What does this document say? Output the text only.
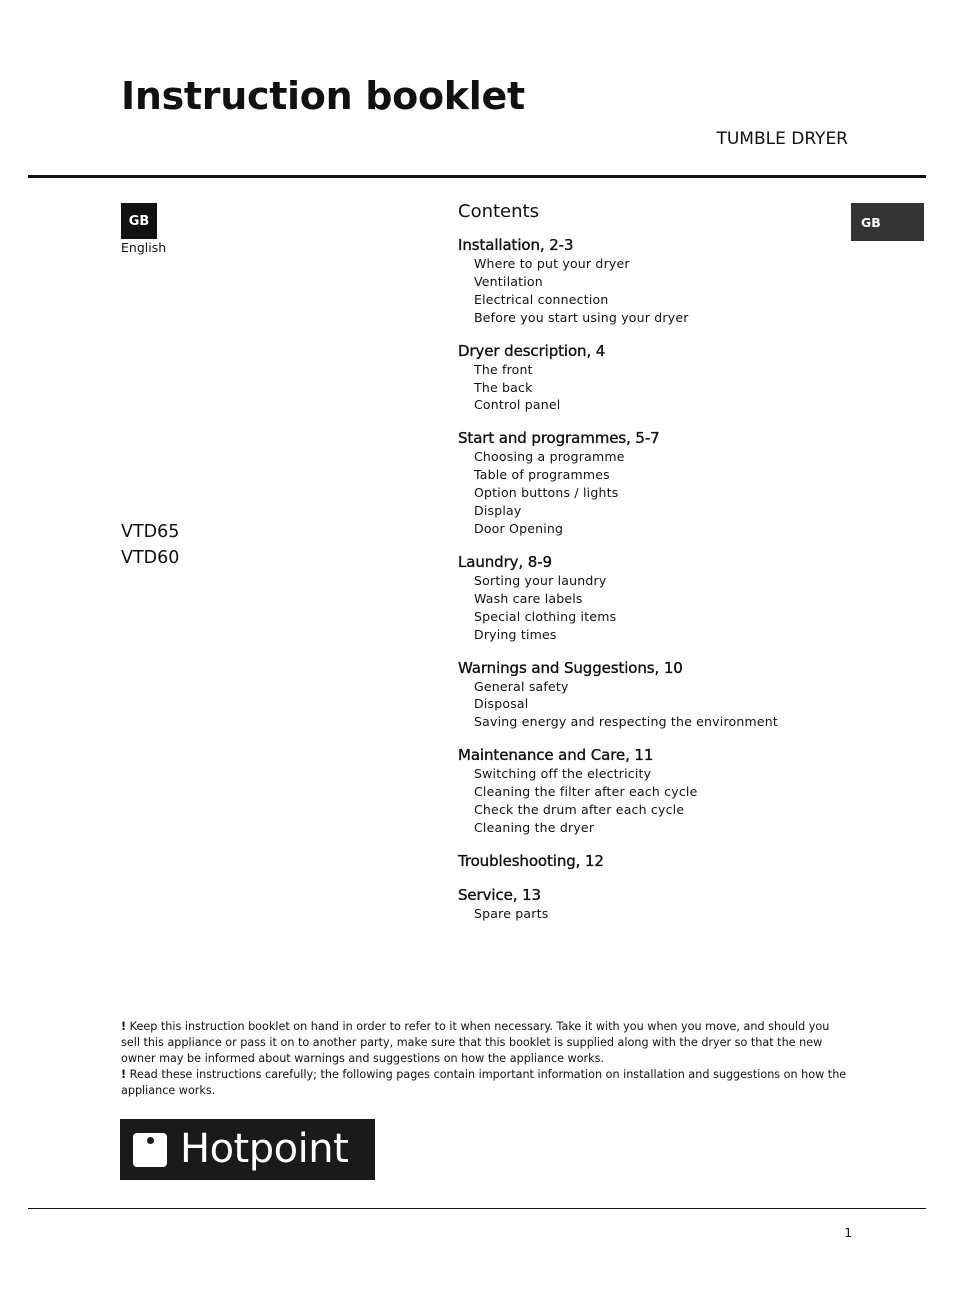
Instruction booklet
TUMBLE DRYER
GB
English
GB
VTD65
VTD60
Contents
Installation, 2-3
Where to put your dryer
Ventilation
Electrical connection
Before you start using your dryer
Dryer description, 4
The front
The back
Control panel
Start and programmes, 5-7
Choosing a programme
Table of programmes
Option buttons / lights
Display
Door Opening
Laundry, 8-9
Sorting your laundry
Wash care labels
Special clothing items
Drying times
Warnings and Suggestions, 10
General safety
Disposal
Saving energy and respecting the environment
Maintenance and Care, 11
Switching off the electricity
Cleaning the filter after each cycle
Check the drum after each cycle
Cleaning the dryer
Troubleshooting, 12
Service, 13
Spare parts

! Keep this instruction booklet on hand in order to refer to it when necessary. Take it with you when you move, and should you sell this appliance or pass it on to another party, make sure that this booklet is supplied along with the dryer so that the new owner may be informed about warnings and suggestions on how the appliance works.

! Read these instructions carefully; the following pages contain important information on installation and suggestions on how the appliance works.

Hotpoint
1
